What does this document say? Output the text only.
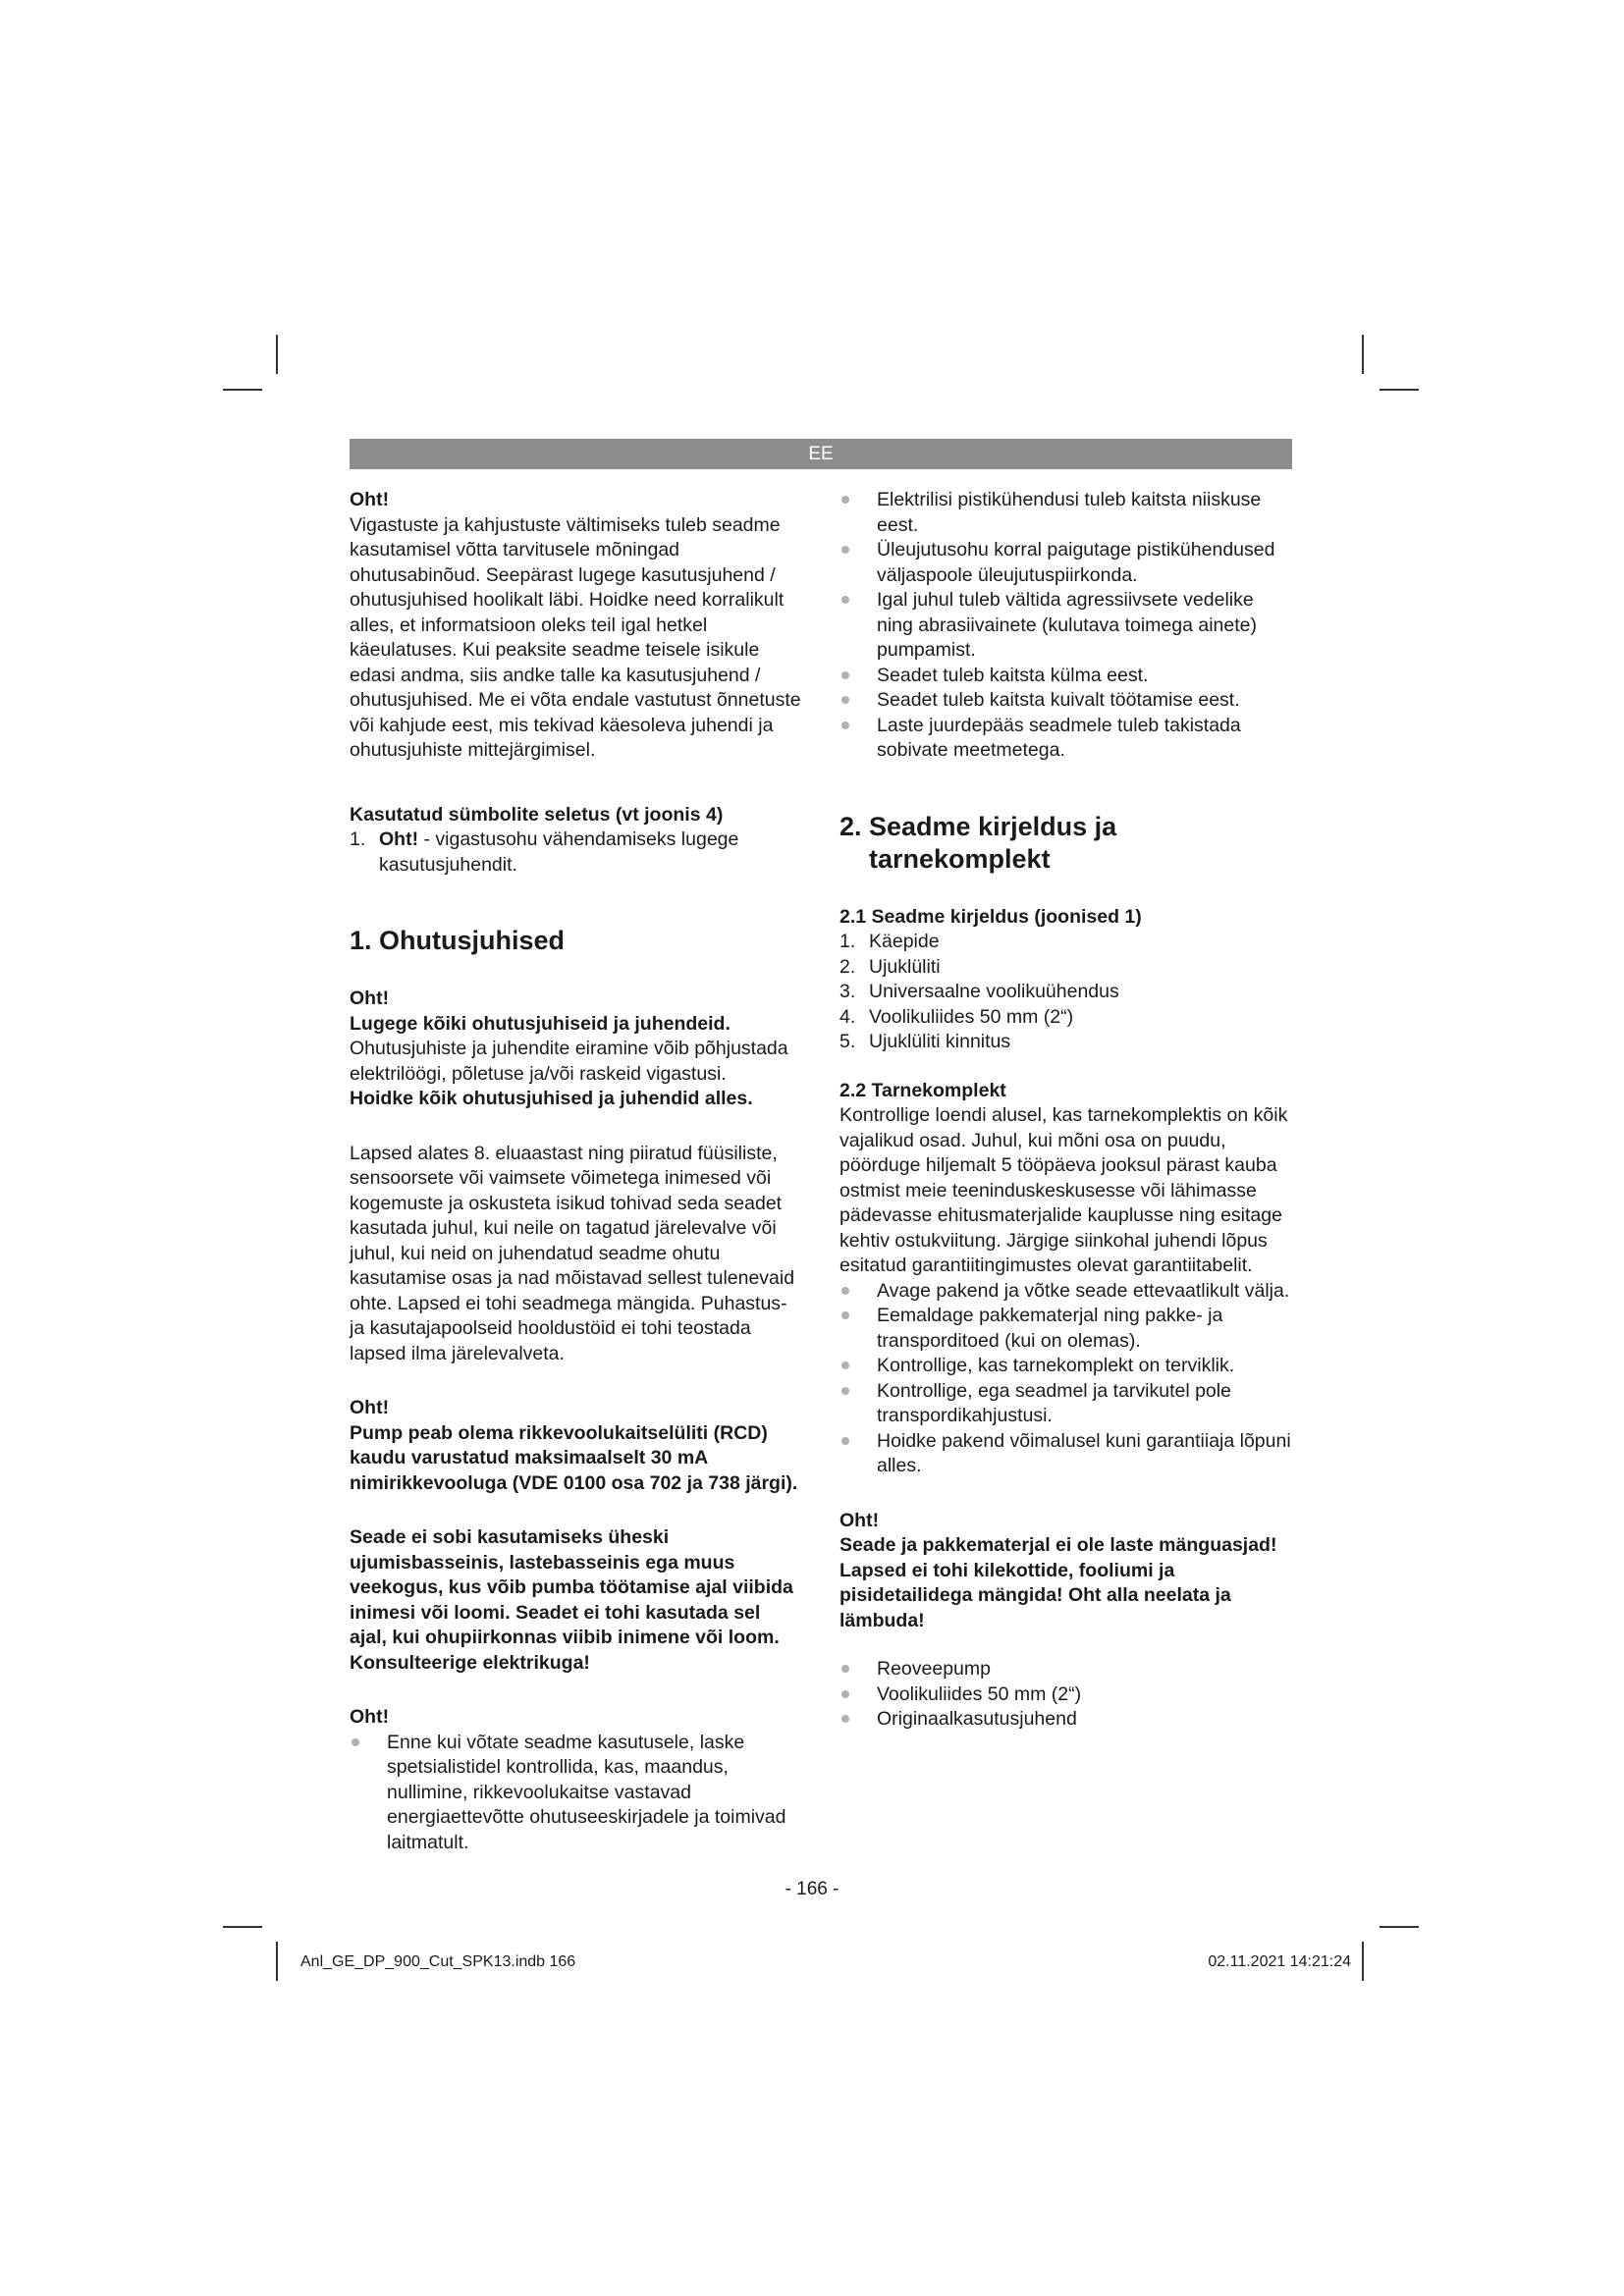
EE

Oht!

Vigastuste ja kahjustuste vältimiseks tuleb seadme kasutamisel võtta tarvitusele mõningad ohutusabinõud. Seepärast lugege kasutusjuhend / ohutusjuhised hoolikalt läbi. Hoidke need korralikult alles, et informatsioon oleks teil igal hetkel käeulatuses. Kui peaksite seadme teisele isikule edasi andma, siis andke talle ka kasutusjuhend / ohutusjuhised. Me ei võta endale vastutust õnnetuste või kahjude eest, mis tekivad käesoleva juhendi ja ohutusjuhiste mittejärgimisel.

Kasutatud sümbolite seletus (vt joonis 4)

1. Oht! - vigastusohu vähendamiseks lugege kasutusjuhendit.

1. Ohutusjuhised

Oht!

Lugege kõiki ohutusjuhiseid ja juhendeid.

Ohutusjuhiste ja juhendite eiramine võib põhjustada elektrilöögi, põletuse ja/või raskeid vigastusi.

Hoidke kõik ohutusjuhised ja juhendid alles.

Lapsed alates 8. eluaastast ning piiratud füüsiliste, sensoorsete või vaimsete võimetega inimesed või kogemuste ja oskusteta isikud tohivad seda seadet kasutada juhul, kui neile on tagatud järelevalve või juhul, kui neid on juhendatud seadme ohutu kasutamise osas ja nad mõistavad sellest tulenevaid ohte. Lapsed ei tohi seadmega mängida. Puhastus- ja kasutajapoolseid hooldustöid ei tohi teostada lapsed ilma järelevalveta.

Oht!

Pump peab olema rikkevoolukaitselüliti (RCD) kaudu varustatud maksimaalselt 30 mA nimirikkevooluga (VDE 0100 osa 702 ja 738 järgi).

Seade ei sobi kasutamiseks üheski ujumisbasseinis, lastebasseinis ega muus veekogus, kus võib pumba töötamise ajal viibida inimesi või loomi. Seadet ei tohi kasutada sel ajal, kui ohupiirkonnas viibib inimene või loom. Konsulteerige elektrikuga!

Oht!

Enne kui võtate seadme kasutusele, laske spetsialistidel kontrollida, kas, maandus, nullimine, rikkevoolukaitse vastavad energiaettevõtte ohutuseeskirjadele ja toimivad laitmatult.
Elektrilisi pistikühendusi tuleb kaitsta niiskuse eest.
Üleujutusohu korral paigutage pistikühendused väljaspoole üleujutuspiirkonda.
Igal juhul tuleb vältida agressiivsete vedelike ning abrasiivainete (kulutava toimega ainete) pumpamist.
Seadet tuleb kaitsta külma eest.
Seadet tuleb kaitsta kuivalt töötamise eest.
Laste juurdepääs seadmele tuleb takistada sobivate meetmetega.

2. Seadme kirjeldus ja
tarnekomplekt

2.1 Seadme kirjeldus (joonised 1)

1. Käepide
2. Ujuklüliti
3. Universaalne voolikuühendus
4. Voolikuliides 50 mm (2“)
5. Ujuklüliti kinnitus

2.2 Tarnekomplekt

Kontrollige loendi alusel, kas tarnekomplektis on kõik vajalikud osad. Juhul, kui mõni osa on puudu, pöörduge hiljemalt 5 tööpäeva jooksul pärast kauba ostmist meie teeninduskeskusesse või lähimasse pädevasse ehitusmaterjalide kauplusse ning esitage kehtiv ostukviitung. Järgige siinkohal juhendi lõpus esitatud garantiitingimustes olevat garantiitabelit.

Avage pakend ja võtke seade ettevaatlikult välja.
Eemaldage pakkematerjal ning pakke- ja transporditoed (kui on olemas).
Kontrollige, kas tarnekomplekt on terviklik.
Kontrollige, ega seadmel ja tarvikutel pole transpordikahjustusi.
Hoidke pakend võimalusel kuni garantiiaja lõpuni alles.

Oht!

Seade ja pakkematerjal ei ole laste mänguasjad! Lapsed ei tohi kilekottide, fooliumi ja pisidetailidega mängida! Oht alla neelata ja lämbuda!

Reoveepump
Voolikuliides 50 mm (2“)
Originaalkasutusjuhend
- 166 -
Anl_GE_DP_900_Cut_SPK13.indb 166	02.11.2021 14:21:24
